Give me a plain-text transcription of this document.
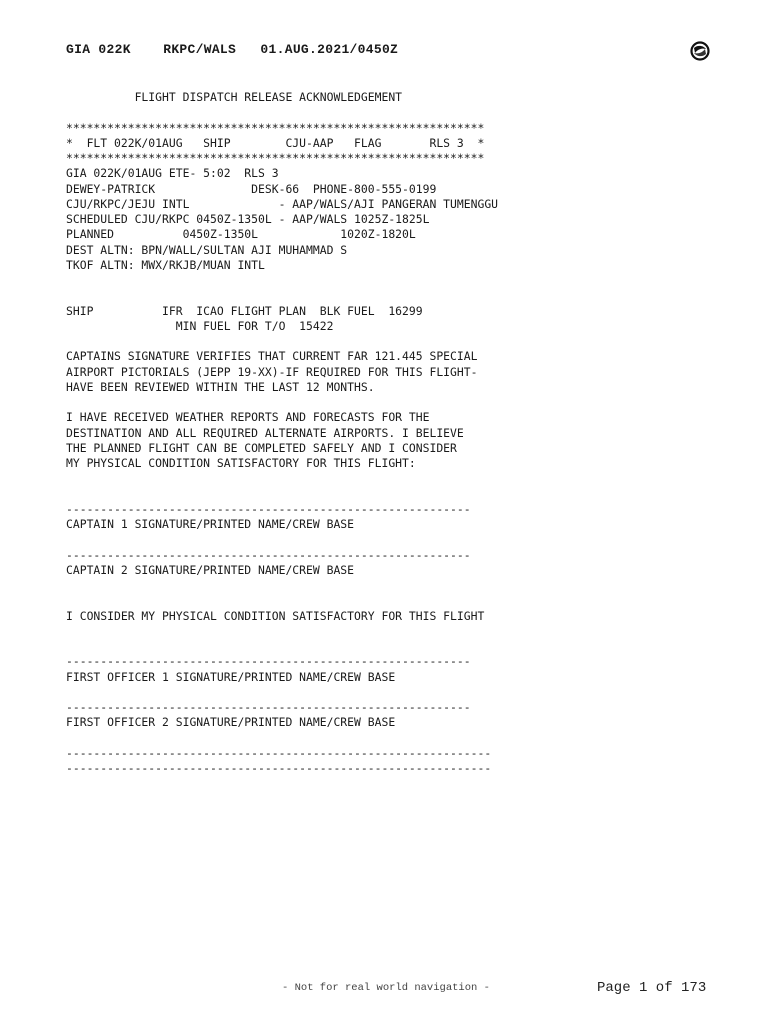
GIA 022K    RKPC/WALS   01.AUG.2021/0450Z
FLIGHT DISPATCH RELEASE ACKNOWLEDGEMENT
*************************************************************
*  FLT 022K/01AUG   SHIP        CJU-AAP   FLAG       RLS 3  *
*************************************************************
GIA 022K/01AUG ETE- 5:02  RLS 3
DEWEY-PATRICK              DESK-66  PHONE-800-555-0199
CJU/RKPC/JEJU INTL             - AAP/WALS/AJI PANGERAN TUMENGGU
SCHEDULED CJU/RKPC 0450Z-1350L - AAP/WALS 1025Z-1825L
PLANNED          0450Z-1350L            1020Z-1820L
DEST ALTN: BPN/WALL/SULTAN AJI MUHAMMAD S
TKOF ALTN: MWX/RKJB/MUAN INTL
SHIP          IFR  ICAO FLIGHT PLAN  BLK FUEL  16299
MIN FUEL FOR T/O  15422
CAPTAINS SIGNATURE VERIFIES THAT CURRENT FAR 121.445 SPECIAL
AIRPORT PICTORIALS (JEPP 19-XX)-IF REQUIRED FOR THIS FLIGHT-
HAVE BEEN REVIEWED WITHIN THE LAST 12 MONTHS.
I HAVE RECEIVED WEATHER REPORTS AND FORECASTS FOR THE
DESTINATION AND ALL REQUIRED ALTERNATE AIRPORTS. I BELIEVE
THE PLANNED FLIGHT CAN BE COMPLETED SAFELY AND I CONSIDER
MY PHYSICAL CONDITION SATISFACTORY FOR THIS FLIGHT:
-----------------------------------------------------------
CAPTAIN 1 SIGNATURE/PRINTED NAME/CREW BASE
-----------------------------------------------------------
CAPTAIN 2 SIGNATURE/PRINTED NAME/CREW BASE
I CONSIDER MY PHYSICAL CONDITION SATISFACTORY FOR THIS FLIGHT
-----------------------------------------------------------
FIRST OFFICER 1 SIGNATURE/PRINTED NAME/CREW BASE
-----------------------------------------------------------
FIRST OFFICER 2 SIGNATURE/PRINTED NAME/CREW BASE
--------------------------------------------------------------
--------------------------------------------------------------
- Not for real world navigation -	Page 1 of 173
